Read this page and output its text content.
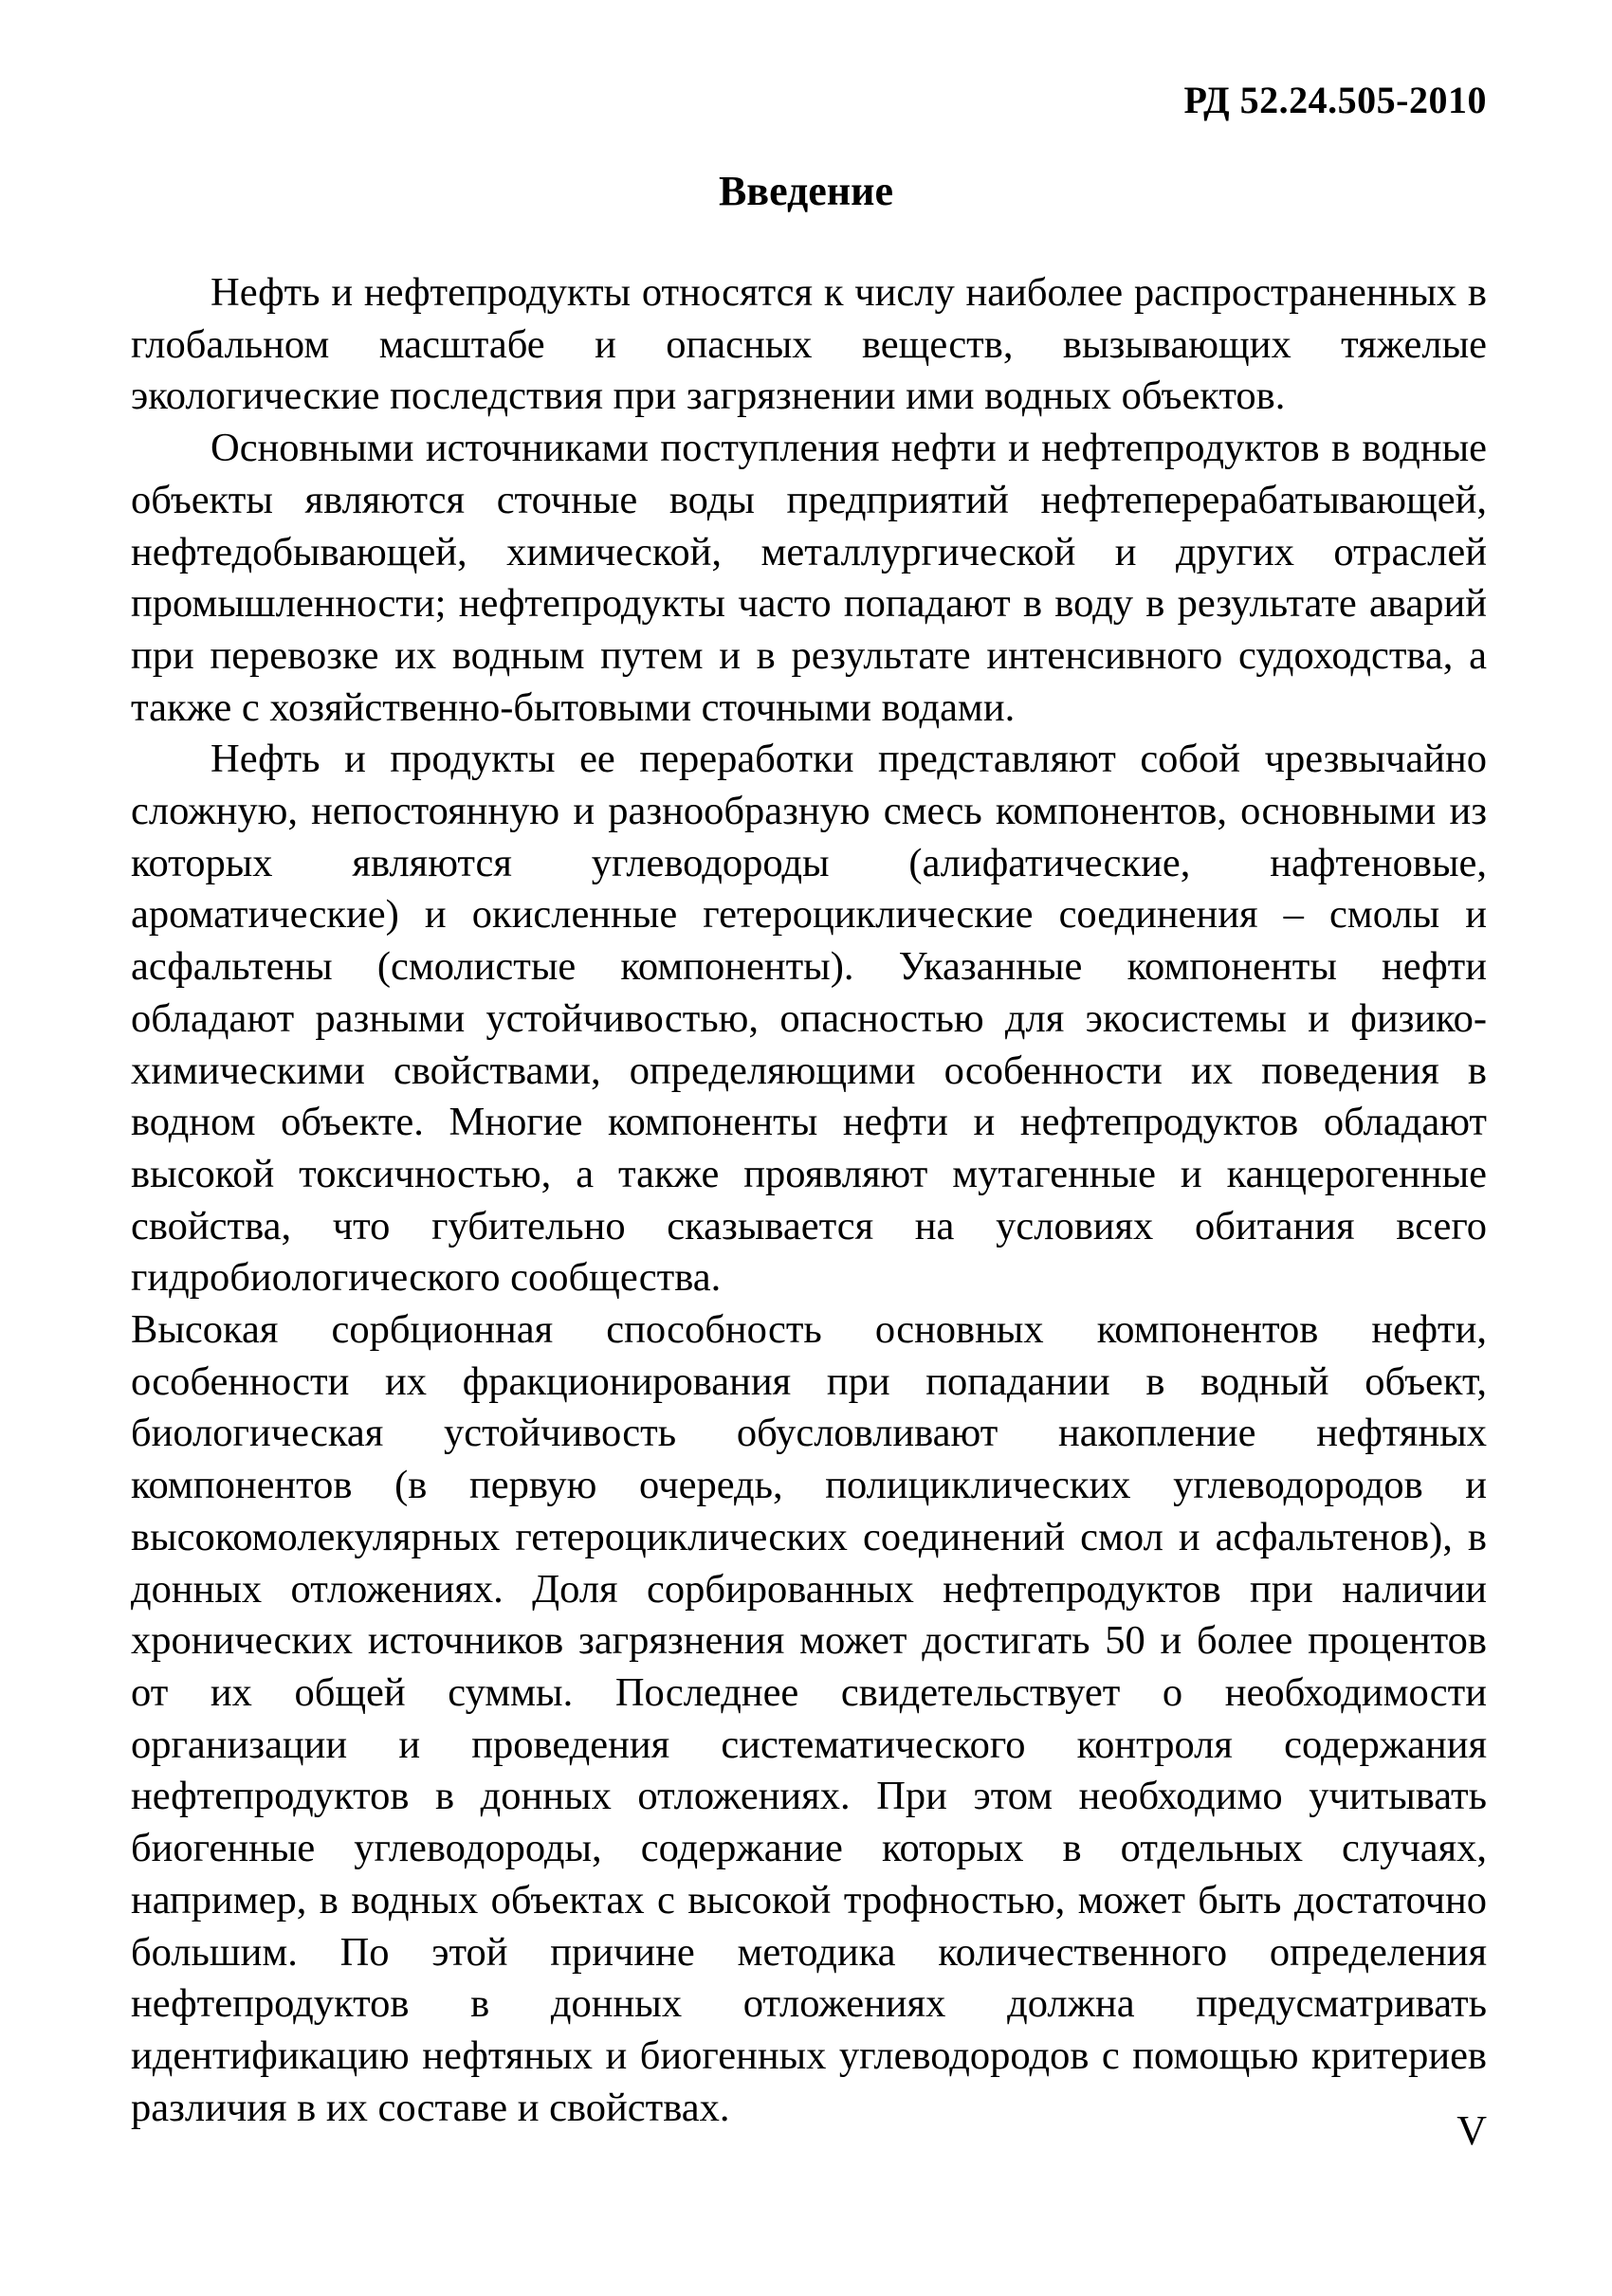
РД 52.24.505-2010
Введение

Нефть и нефтепродукты относятся к числу наиболее распространенных в глобальном масштабе и опасных веществ, вызывающих тяжелые экологические последствия при загрязнении ими водных объектов.

Основными источниками поступления нефти и нефтепродуктов в водные объекты являются сточные воды предприятий нефтеперерабатывающей, нефтедобывающей, химической, металлургической и других отраслей промышленности; нефтепродукты часто попадают в воду в результате аварий при перевозке их водным путем и в результате интенсивного судоходства, а также с хозяйственно-бытовыми сточными водами.

Нефть и продукты ее переработки представляют собой чрезвычайно сложную, непостоянную и разнообразную смесь компонентов, основными из которых являются углеводороды (алифатические, нафтеновые, ароматические) и окисленные гетероциклические соединения – смолы и асфальтены (смолистые компоненты). Указанные компоненты нефти обладают разными устойчивостью, опасностью для экосистемы и физико-химическими свойствами, определяющими особенности их поведения в водном объекте. Многие компоненты нефти и нефтепродуктов обладают высокой токсичностью, а также проявляют мутагенные и канцерогенные свойства, что губительно сказывается на условиях обитания всего гидробиологического сообщества.

Высокая сорбционная способность основных компонентов нефти, особенности их фракционирования при попадании в водный объект, биологическая устойчивость обусловливают накопление нефтяных компонентов (в первую очередь, полициклических углеводородов и высокомолекулярных гетероциклических соединений смол и асфальтенов), в донных отложениях. Доля сорбированных нефтепродуктов при наличии хронических источников загрязнения может достигать 50 и более процентов от их общей суммы. Последнее свидетельствует о необходимости организации и проведения систематического контроля содержания нефтепродуктов в донных отложениях. При этом необходимо учитывать биогенные углеводороды, содержание которых в отдельных случаях, например, в водных объектах с высокой трофностью, может быть достаточно большим. По этой причине методика количественного определения нефтепродуктов в донных отложениях должна предусматривать идентификацию нефтяных и биогенных углеводородов с помощью критериев различия в их составе и свойствах.	V
